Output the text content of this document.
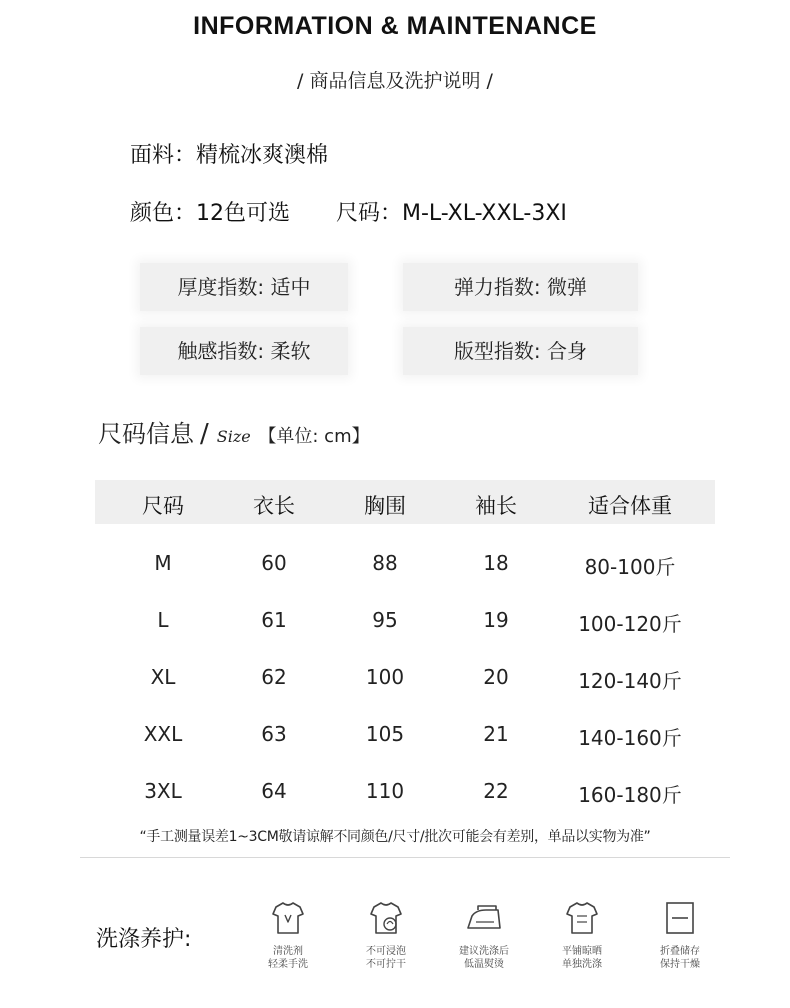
INFORMATION & MAINTENANCE
/ 商品信息及洗护说明 /
面料：精梳冰爽澳棉
颜色：12色可选 尺码：M-L-XL-XXL-3XI
厚度指数: 适中	弹力指数: 微弹
触感指数: 柔软	版型指数: 合身
尺码信息 / Size 【单位: cm】
尺码	衣长	胸围	袖长	适合体重
M	60	88	18	80-100斤
L	61	95	19	100-120斤
XL	62	100	20	120-140斤
XXL	63	105	21	140-160斤
3XL	64	110	22	160-180斤
“手工测量误差1~3CM敬请谅解不同颜色/尺寸/批次可能会有差别，单品以实物为准”
洗涤养护:	清洗剂
轻柔手洗
不可浸泡
不可拧干
建议洗涤后
低温熨烫
平铺晾晒
单独洗涤
折叠储存
保持干燥
